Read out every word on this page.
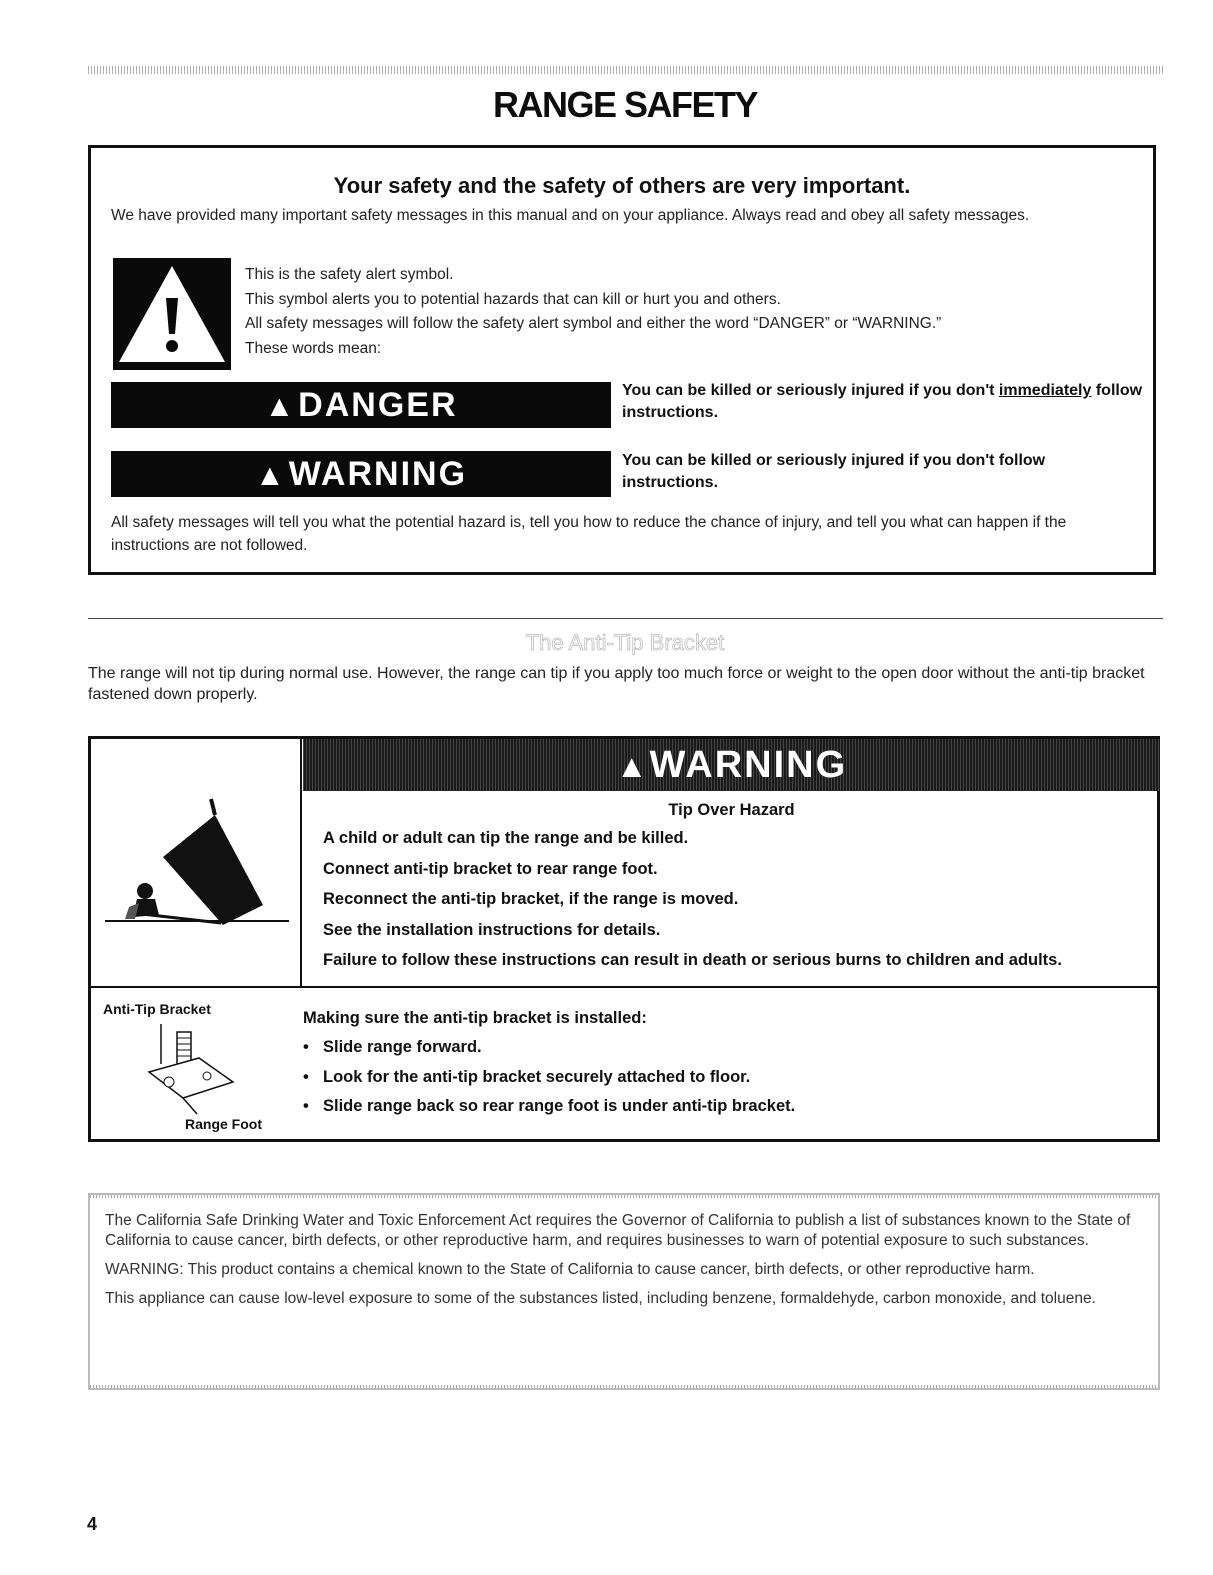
RANGE SAFETY
Your safety and the safety of others are very important.
We have provided many important safety messages in this manual and on your appliance. Always read and obey all safety messages.
This is the safety alert symbol.
This symbol alerts you to potential hazards that can kill or hurt you and others.
All safety messages will follow the safety alert symbol and either the word “DANGER” or “WARNING.”
These words mean:
▲ DANGER	You can be killed or seriously injured if you don't immediately follow instructions.
▲ WARNING	You can be killed or seriously injured if you don't follow instructions.
All safety messages will tell you what the potential hazard is, tell you how to reduce the chance of injury, and tell you what can happen if the instructions are not followed.
The Anti-Tip Bracket
The range will not tip during normal use. However, the range can tip if you apply too much force or weight to the open door without the anti-tip bracket fastened down properly.
▲WARNING
Tip Over Hazard
A child or adult can tip the range and be killed.
Connect anti-tip bracket to rear range foot.
Reconnect the anti-tip bracket, if the range is moved.
See the installation instructions for details.
Failure to follow these instructions can result in death or serious burns to children and adults.
Anti-Tip Bracket
Range Foot
Making sure the anti-tip bracket is installed:
• Slide range forward.
• Look for the anti-tip bracket securely attached to floor.
• Slide range back so rear range foot is under anti-tip bracket.

The California Safe Drinking Water and Toxic Enforcement Act requires the Governor of California to publish a list of substances known to the State of California to cause cancer, birth defects, or other reproductive harm, and requires businesses to warn of potential exposure to such substances.

WARNING: This product contains a chemical known to the State of California to cause cancer, birth defects, or other reproductive harm.

This appliance can cause low-level exposure to some of the substances listed, including benzene, formaldehyde, carbon monoxide, and toluene.

4
